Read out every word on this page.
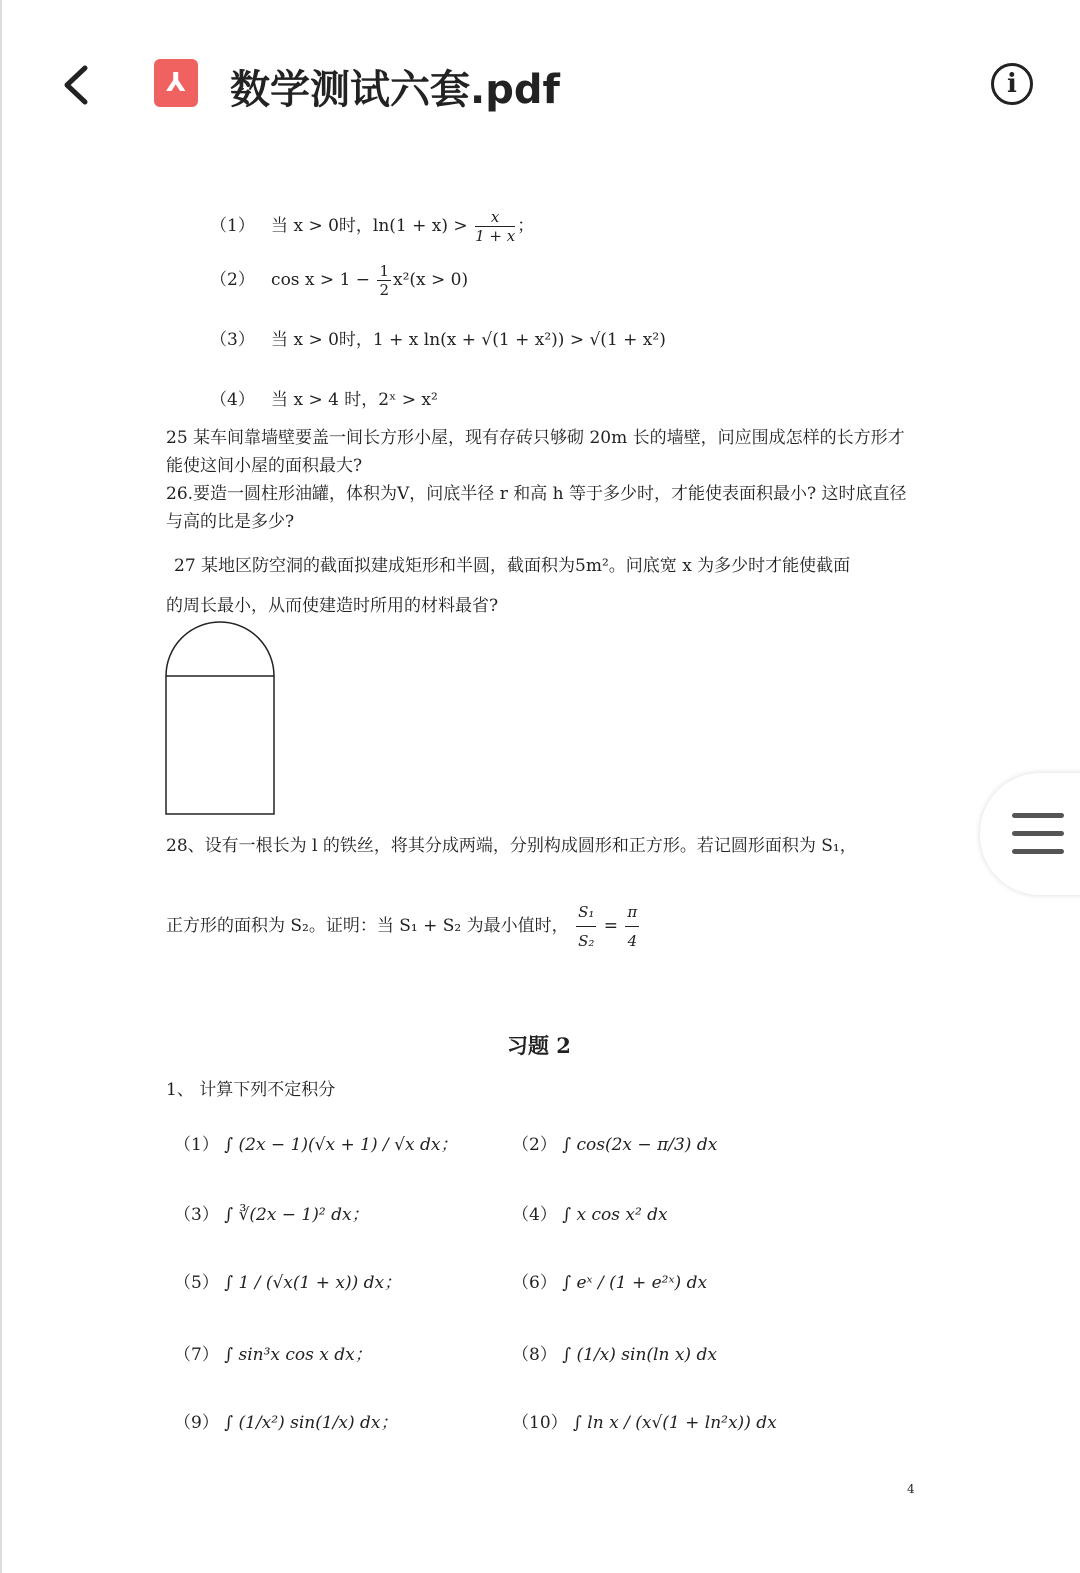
⅄	数学测试六套.pdf	i
（1） 当 x > 0时，$\ln(1 + x) > \frac{x}{1 + x}$ ；
（2） $\cos x > 1 - \frac{1}{2} x^2(x > 0)$
（3） 当 x > 0时，1 + x ln(x + √(1 + x²)) > √(1 + x²)
（4） 当 x > 4 时，2ˣ > x²
25 某车间靠墙壁要盖一间长方形小屋，现有存砖只够砌 20m 长的墙壁，问应围成怎样的长方形才能使这间小屋的面积最大?
26.要造一圆柱形油罐，体积为V，问底半径 r 和高 h 等于多少时，才能使表面积最小? 这时底直径与高的比是多少?
27 某地区防空洞的截面拟建成矩形和半圆，截面积为5m²。问底宽 x 为多少时才能使截面
的周长最小，从而使建造时所用的材料最省?
28、设有一根长为 l 的铁丝，将其分成两端，分别构成圆形和正方形。若记圆形面积为 S₁，
正方形的面积为 S₂。证明：当 S₁ + S₂ 为最小值时， $\frac{\text{S₁}}{\text{S₂}} = \frac{\pi}{4}$
习题 2
1、 计算下列不定积分
（1） ∫ (2x − 1)(√x + 1) / √x dx；	（2） ∫ cos(2x − π/3) dx
（3） ∫ ∛(2x − 1)² dx；	（4） ∫ x cos x² dx
（5） ∫ 1 / (√x(1 + x)) dx；	（6） ∫ eˣ / (1 + e²ˣ) dx
（7） ∫ sin³x cos x dx；	（8） ∫ (1/x) sin(ln x) dx
（9） ∫ (1/x²) sin(1/x) dx；	（10） ∫ ln x / (x√(1 + ln²x)) dx
4
